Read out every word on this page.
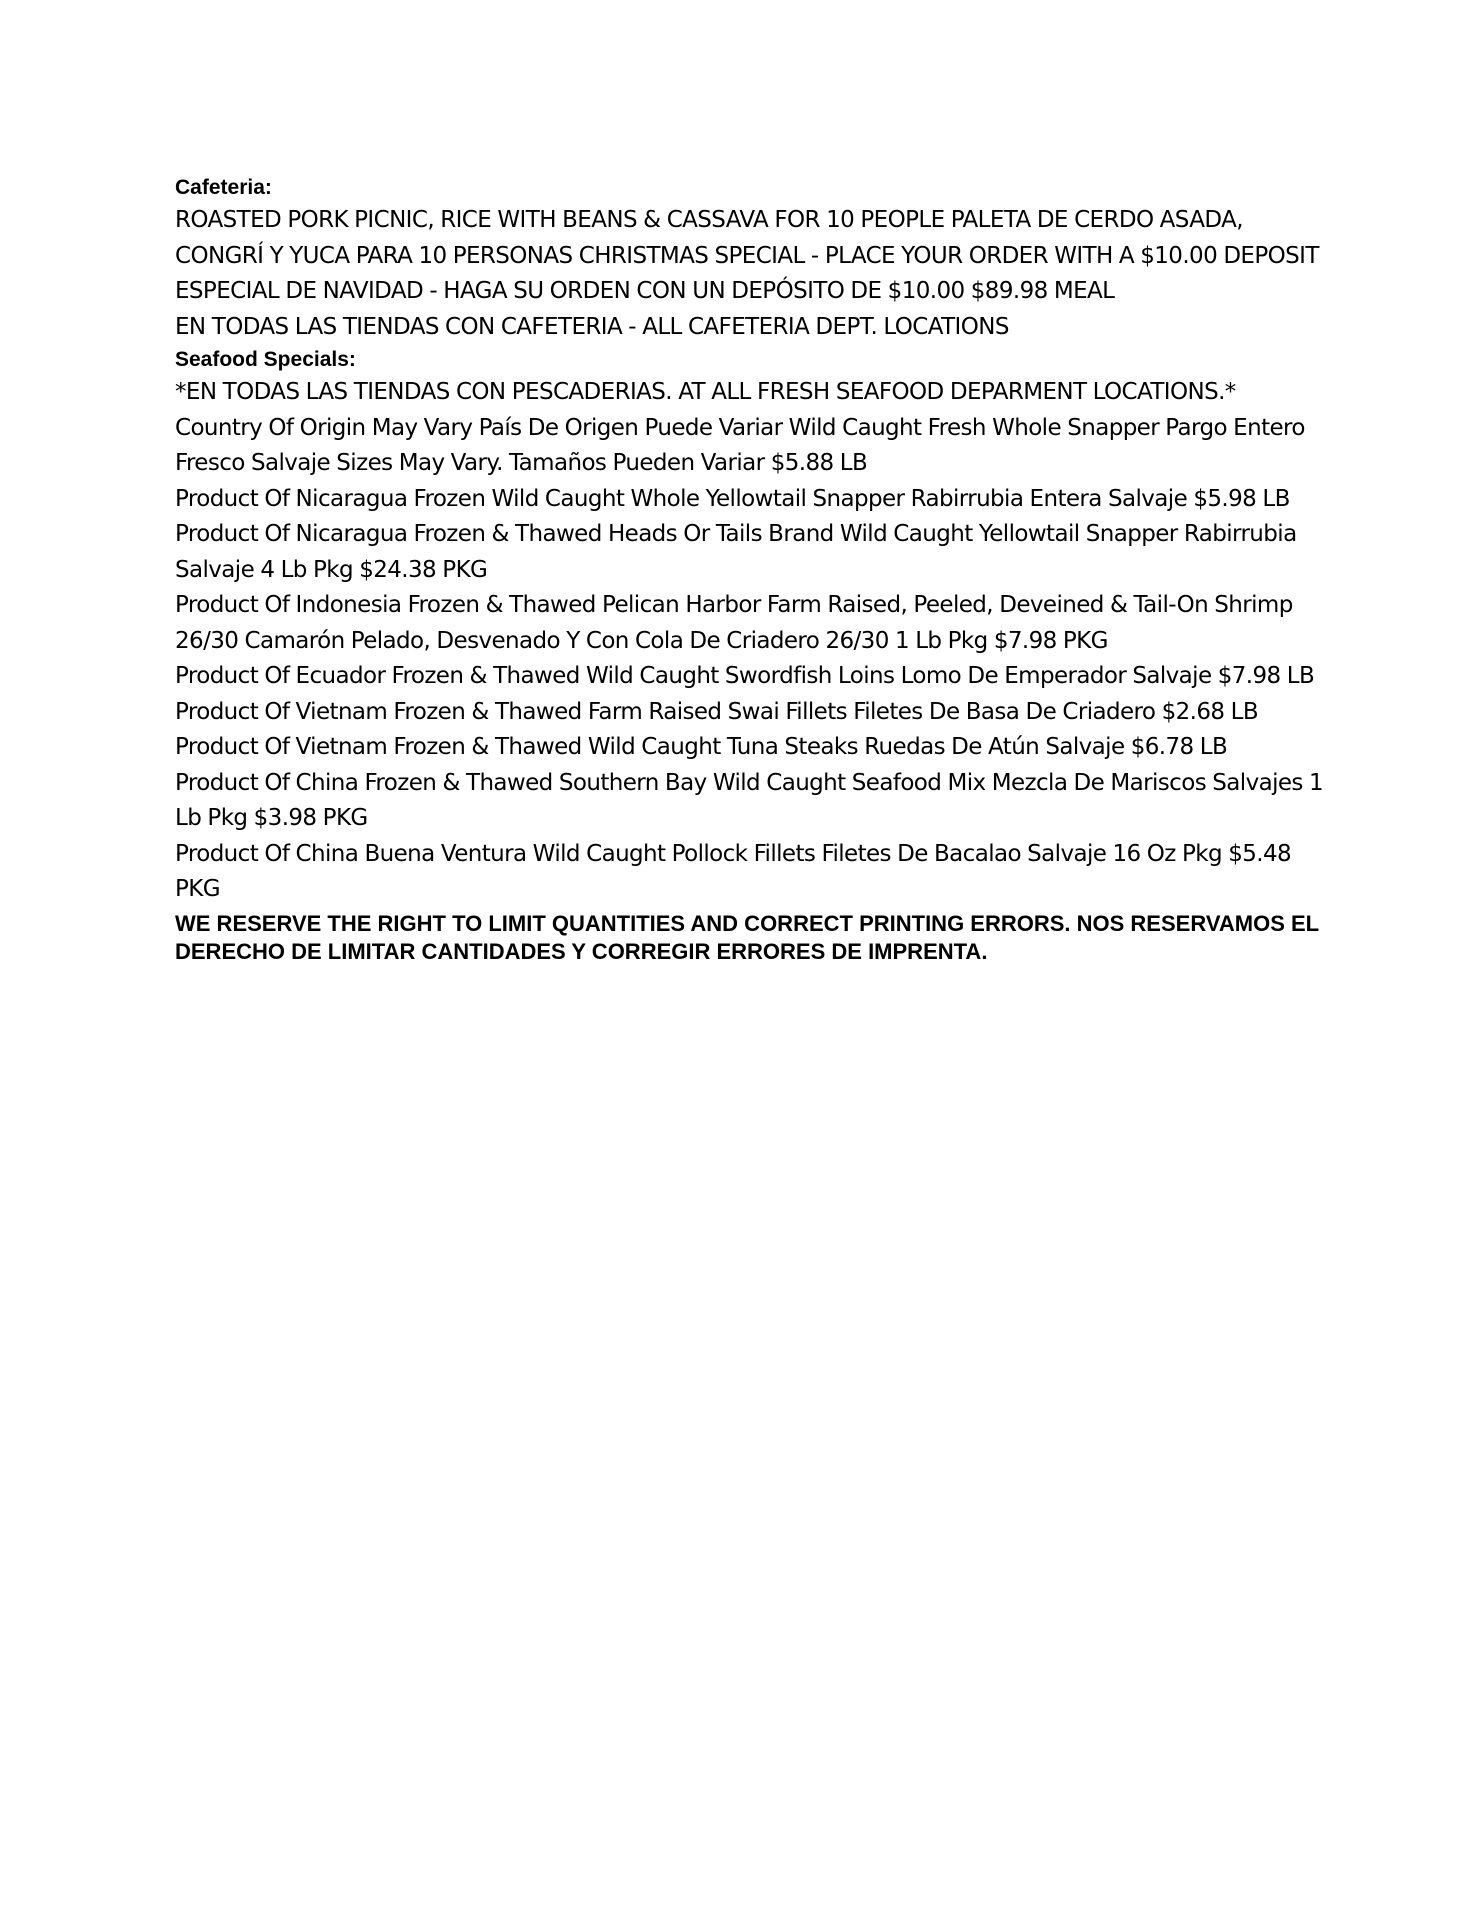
Cafeteria:

ROASTED PORK PICNIC, RICE WITH BEANS & CASSAVA FOR 10 PEOPLE PALETA DE CERDO ASADA, CONGRÍ Y YUCA PARA 10 PERSONAS CHRISTMAS SPECIAL - PLACE YOUR ORDER WITH A $10.00 DEPOSIT ESPECIAL DE NAVIDAD - HAGA SU ORDEN CON UN DEPÓSITO DE $10.00 $89.98 MEAL

EN TODAS LAS TIENDAS CON CAFETERIA - ALL CAFETERIA DEPT. LOCATIONS

Seafood Specials:

*EN TODAS LAS TIENDAS CON PESCADERIAS. AT ALL FRESH SEAFOOD DEPARMENT LOCATIONS.*

Country Of Origin May Vary País De Origen Puede Variar Wild Caught Fresh Whole Snapper Pargo Entero Fresco Salvaje Sizes May Vary. Tamaños Pueden Variar $5.88 LB

Product Of Nicaragua Frozen Wild Caught Whole Yellowtail Snapper Rabirrubia Entera Salvaje $5.98 LB

Product Of Nicaragua Frozen & Thawed Heads Or Tails Brand Wild Caught Yellowtail Snapper Rabirrubia Salvaje 4 Lb Pkg $24.38 PKG

Product Of Indonesia Frozen & Thawed Pelican Harbor Farm Raised, Peeled, Deveined & Tail-On Shrimp 26/30 Camarón Pelado, Desvenado Y Con Cola De Criadero 26/30 1 Lb Pkg $7.98 PKG

Product Of Ecuador Frozen & Thawed Wild Caught Swordfish Loins Lomo De Emperador Salvaje $7.98 LB

Product Of Vietnam Frozen & Thawed Farm Raised Swai Fillets Filetes De Basa De Criadero $2.68 LB

Product Of Vietnam Frozen & Thawed Wild Caught Tuna Steaks Ruedas De Atún Salvaje $6.78 LB

Product Of China Frozen & Thawed Southern Bay Wild Caught Seafood Mix Mezcla De Mariscos Salvajes 1 Lb Pkg $3.98 PKG

Product Of China Buena Ventura Wild Caught Pollock Fillets Filetes De Bacalao Salvaje 16 Oz Pkg $5.48 PKG

WE RESERVE THE RIGHT TO LIMIT QUANTITIES AND CORRECT PRINTING ERRORS. NOS RESERVAMOS EL DERECHO DE LIMITAR CANTIDADES Y CORREGIR ERRORES DE IMPRENTA.
